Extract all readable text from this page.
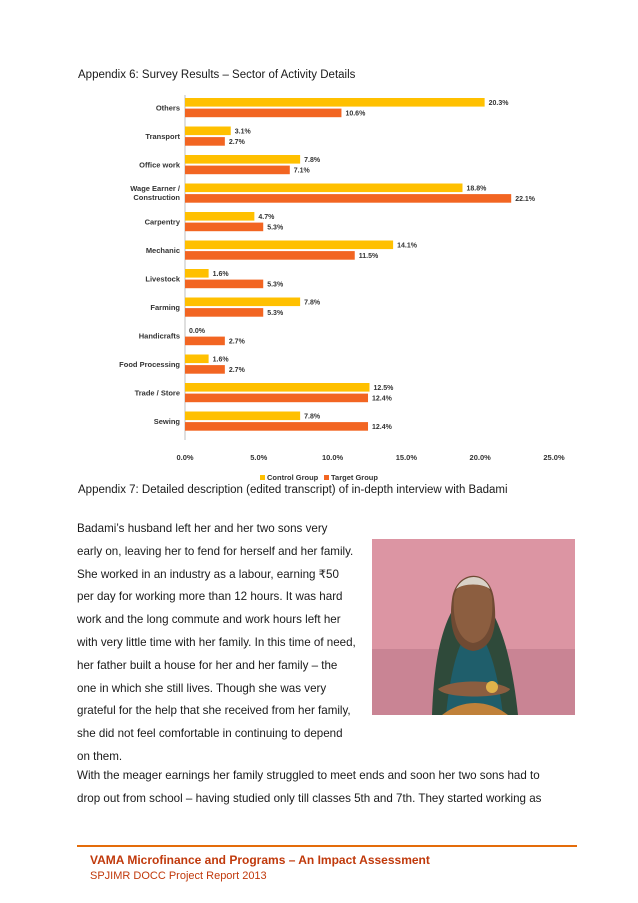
Appendix 6: Survey Results – Sector of Activity Details
Others	20.3%
10.6%
Transport	3.1%
2.7%
Office work	7.8%
7.1%
Wage Earner / Construction
18.8%
22.1%
Carpentry	4.7%
5.3%
Mechanic	14.1%
11.5%
Livestock	1.6%
5.3%
Farming	7.8%
5.3%
Handicrafts 0.0%
2.7%
Food Processing	1.6%
2.7%
Trade / Store	12.5%
12.4%
Sewing	7.8%
12.4%
0.0%	5.0%	10.0%	15.0%	20.0%	25.0%
Control Group Target Group
Appendix 7: Detailed description (edited transcript) of in-depth interview with Badami
Badami’s husband left her and her two sons very
early on, leaving her to fend for herself and her family.
She worked in an industry as a labour, earning ₹50
per day for working more than 12 hours. It was hard
work and the long commute and work hours left her
with very little time with her family. In this time of need,
her father built a house for her and her family – the
one in which she still lives. Though she was very
grateful for the help that she received from her family,
she did not feel comfortable in continuing to depend
on them.
With the meager earnings her family struggled to meet ends and soon her two sons had to
drop out from school – having studied only till classes 5th and 7th. They started working as
VAMA Microfinance and Programs – An Impact Assessment
SPJIMR DOCC Project Report 2013
